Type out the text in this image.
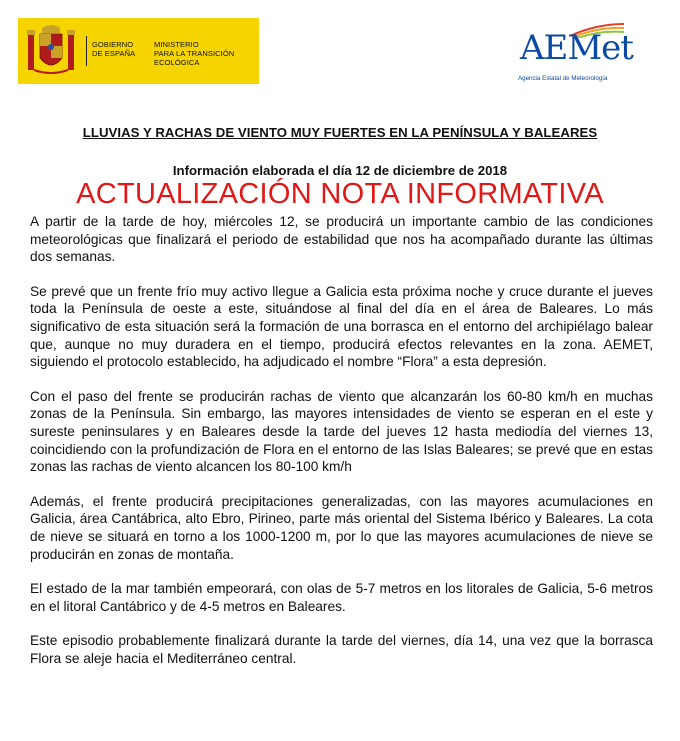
GOBIERNO
DE ESPAÑA
MINISTERIO
PARA LA TRANSICIÓN ECOLÓGICA	AEMet
Agencia Estatal de Meteorología
LLUVIAS Y RACHAS DE VIENTO MUY FUERTES EN LA PENÍNSULA Y BALEARES
Información elaborada el día 12 de diciembre de 2018
ACTUALIZACIÓN NOTA INFORMATIVA

A partir de la tarde de hoy, miércoles 12, se producirá un importante cambio de las condiciones meteorológicas que finalizará el periodo de estabilidad que nos ha acompañado durante las últimas dos semanas.

Se prevé que un frente frío muy activo llegue a Galicia esta próxima noche y cruce durante el jueves toda la Península de oeste a este, situándose al final del día en el área de Baleares. Lo más significativo de esta situación será la formación de una borrasca en el entorno del archipiélago balear que, aunque no muy duradera en el tiempo, producirá efectos relevantes en la zona. AEMET, siguiendo el protocolo establecido, ha adjudicado el nombre “Flora” a esta depresión.

Con el paso del frente se producirán rachas de viento que alcanzarán los 60-80 km/h en muchas zonas de la Península. Sin embargo, las mayores intensidades de viento se esperan en el este y sureste peninsulares y en Baleares desde la tarde del jueves 12 hasta mediodía del viernes 13, coincidiendo con la profundización de Flora en el entorno de las Islas Baleares; se prevé que en estas zonas las rachas de viento alcancen los 80-100 km/h

Además, el frente producirá precipitaciones generalizadas, con las mayores acumulaciones en Galicia, área Cantábrica, alto Ebro, Pirineo, parte más oriental del Sistema Ibérico y Baleares. La cota de nieve se situará en torno a los 1000-1200 m, por lo que las mayores acumulaciones de nieve se producirán en zonas de montaña.

El estado de la mar también empeorará, con olas de 5-7 metros en los litorales de Galicia, 5-6 metros en el litoral Cantábrico y de 4-5 metros en Baleares.

Este episodio probablemente finalizará durante la tarde del viernes, día 14, una vez que la borrasca Flora se aleje hacia el Mediterráneo central.
